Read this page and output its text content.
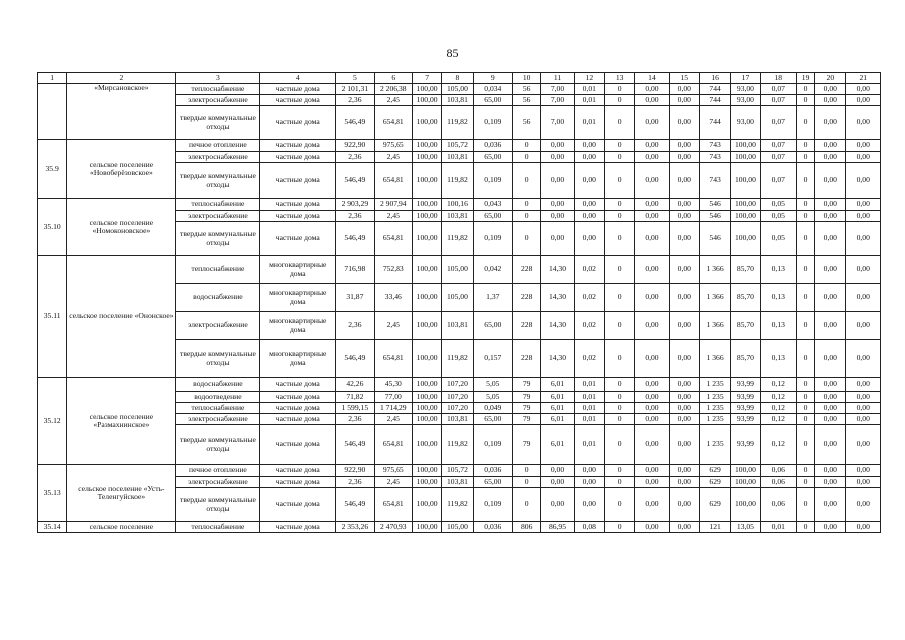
85
1	2	3	4	5	6	7	8	9	10	11	12	13	14	15	16	17	18	19	20	21
	«Мирсановское»	теплоснабжение	частные дома	2 101,31	2 206,38	100,00	105,00	0,034	56	7,00	0,01	0	0,00	0,00	744	93,00	0,07	0	0,00	0,00
		электроснабжение	частные дома	2,36	2,45	100,00	103,81	65,00	56	7,00	0,01	0	0,00	0,00	744	93,00	0,07	0	0,00	0,00
		твердые коммунальные отходы	частные дома	546,49	654,81	100,00	119,82	0,109	56	7,00	0,01	0	0,00	0,00	744	93,00	0,07	0	0,00	0,00
35.9	сельское поселение «Новоберёзовское»	печное отопление	частные дома	922,90	975,65	100,00	105,72	0,036	0	0,00	0,00	0	0,00	0,00	743	100,00	0,07	0	0,00	0,00
		электроснабжение	частные дома	2,36	2,45	100,00	103,81	65,00	0	0,00	0,00	0	0,00	0,00	743	100,00	0,07	0	0,00	0,00
		твердые коммунальные отходы	частные дома	546,49	654,81	100,00	119,82	0,109	0	0,00	0,00	0	0,00	0,00	743	100,00	0,07	0	0,00	0,00
35.10	сельское поселение «Номоконовское»	теплоснабжение	частные дома	2 903,29	2 907,94	100,00	100,16	0,043	0	0,00	0,00	0	0,00	0,00	546	100,00	0,05	0	0,00	0,00
		электроснабжение	частные дома	2,36	2,45	100,00	103,81	65,00	0	0,00	0,00	0	0,00	0,00	546	100,00	0,05	0	0,00	0,00
		твердые коммунальные отходы	частные дома	546,49	654,81	100,00	119,82	0,109	0	0,00	0,00	0	0,00	0,00	546	100,00	0,05	0	0,00	0,00
35.11	сельское поселение «Ононское»	теплоснабжение	многоквартирные дома	716,98	752,83	100,00	105,00	0,042	228	14,30	0,02	0	0,00	0,00	1 366	85,70	0,13	0	0,00	0,00
		водоснабжение	многоквартирные дома	31,87	33,46	100,00	105,00	1,37	228	14,30	0,02	0	0,00	0,00	1 366	85,70	0,13	0	0,00	0,00
		электроснабжение	многоквартирные дома	2,36	2,45	100,00	103,81	65,00	228	14,30	0,02	0	0,00	0,00	1 366	85,70	0,13	0	0,00	0,00
		твердые коммунальные отходы	многоквартирные дома	546,49	654,81	100,00	119,82	0,157	228	14,30	0,02	0	0,00	0,00	1 366	85,70	0,13	0	0,00	0,00
35.12	сельское поселение «Размахнинское»	водоснабжение	частные дома	42,26	45,30	100,00	107,20	5,05	79	6,01	0,01	0	0,00	0,00	1 235	93,99	0,12	0	0,00	0,00
		водоотведение	частные дома	71,82	77,00	100,00	107,20	5,05	79	6,01	0,01	0	0,00	0,00	1 235	93,99	0,12	0	0,00	0,00
		теплоснабжение	частные дома	1 599,15	1 714,29	100,00	107,20	0,049	79	6,01	0,01	0	0,00	0,00	1 235	93,99	0,12	0	0,00	0,00
		электроснабжение	частные дома	2,36	2,45	100,00	103,81	65,00	79	6,01	0,01	0	0,00	0,00	1 235	93,99	0,12	0	0,00	0,00
		твердые коммунальные отходы	частные дома	546,49	654,81	100,00	119,82	0,109	79	6,01	0,01	0	0,00	0,00	1 235	93,99	0,12	0	0,00	0,00
35.13	сельское поселение «Усть-Теленгуйское»	печное отопление	частные дома	922,90	975,65	100,00	105,72	0,036	0	0,00	0,00	0	0,00	0,00	629	100,00	0,06	0	0,00	0,00
		электроснабжение	частные дома	2,36	2,45	100,00	103,81	65,00	0	0,00	0,00	0	0,00	0,00	629	100,00	0,06	0	0,00	0,00
		твердые коммунальные отходы	частные дома	546,49	654,81	100,00	119,82	0,109	0	0,00	0,00	0	0,00	0,00	629	100,00	0,06	0	0,00	0,00
35.14	сельское поселение	теплоснабжение	частные дома	2 353,26	2 470,93	100,00	105,00	0,036	806	86,95	0,08	0	0,00	0,00	121	13,05	0,01	0	0,00	0,00
